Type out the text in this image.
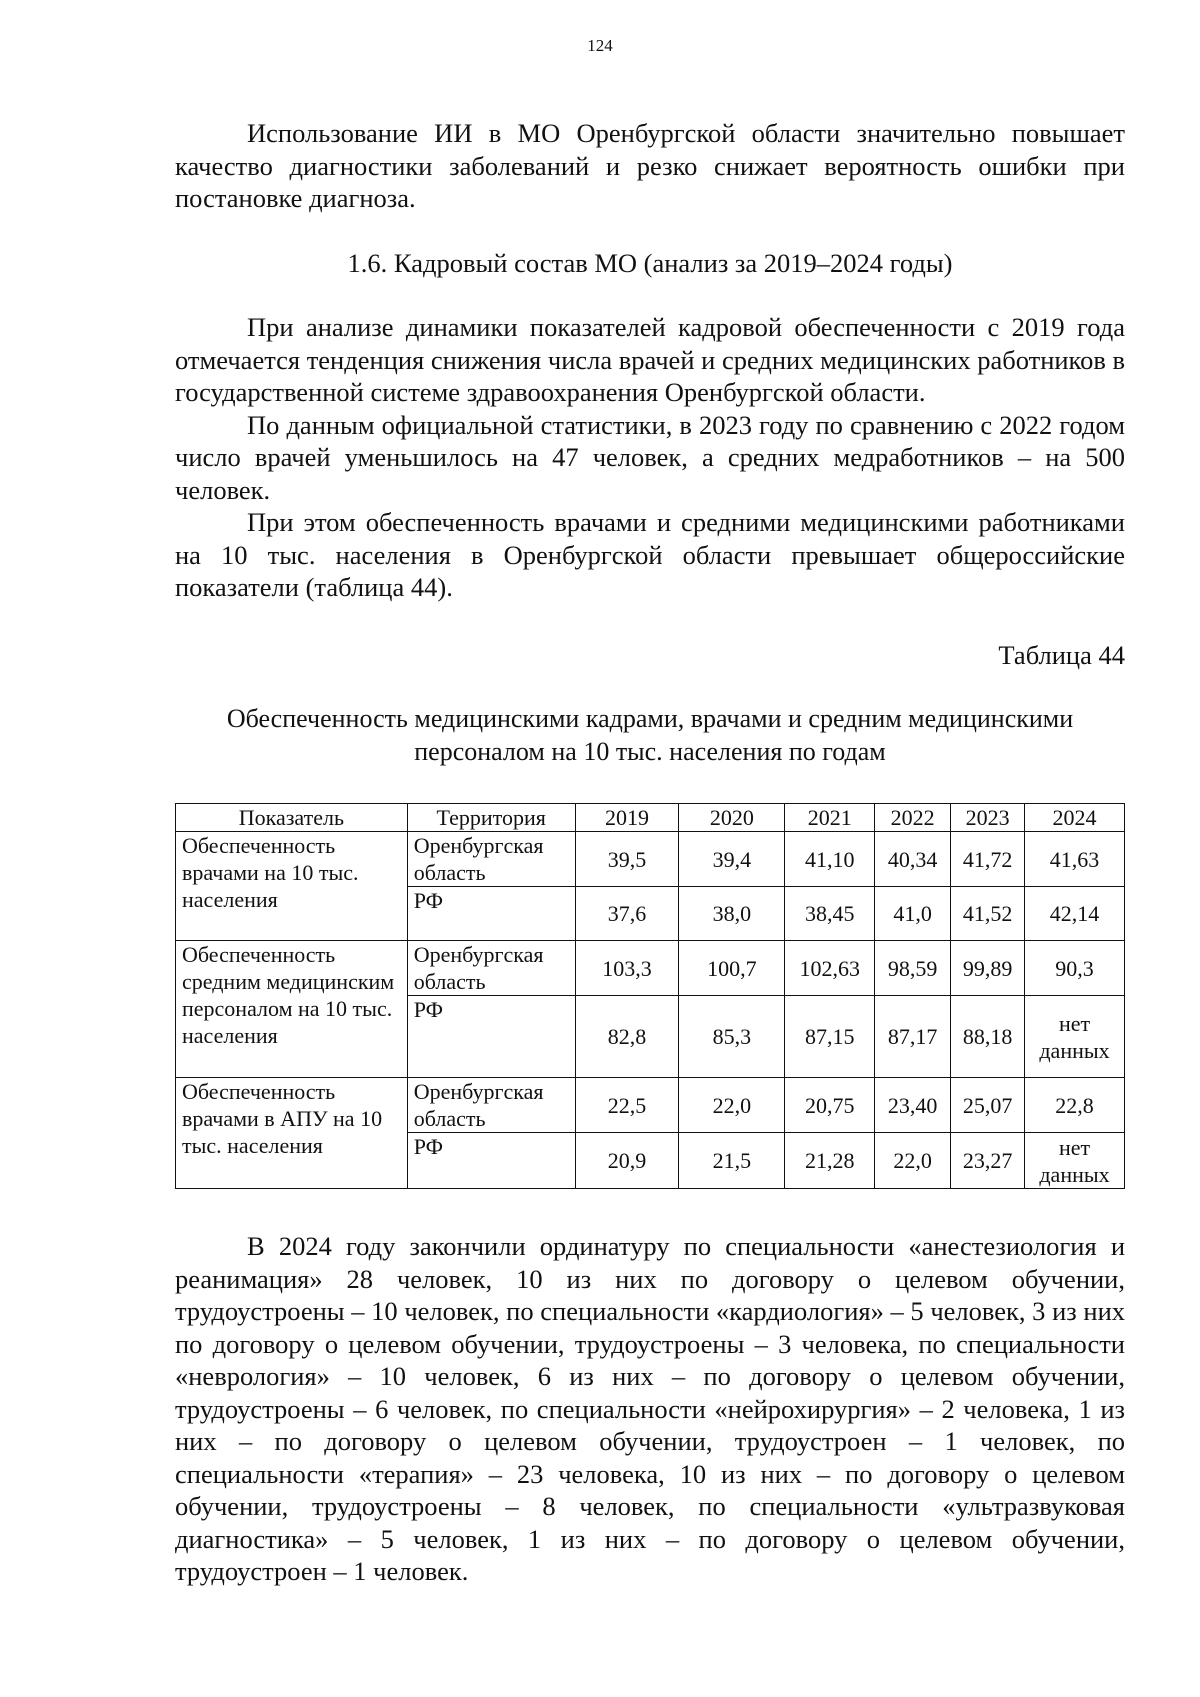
124

Использование ИИ в МО Оренбургской области значительно повышает качество диагностики заболеваний и резко снижает вероятность ошибки при постановке диагноза.

1.6. Кадровый состав МО (анализ за 2019–2024 годы)

При анализе динамики показателей кадровой обеспеченности с 2019 года отмечается тенденция снижения числа врачей и средних медицинских работников в государственной системе здравоохранения Оренбургской области.

По данным официальной статистики, в 2023 году по сравнению с 2022 годом число врачей уменьшилось на 47 человек, а средних медработников – на 500 человек.

При этом обеспеченность врачами и средними медицинскими работниками на 10 тыс. населения в Оренбургской области превышает общероссийские показатели (таблица 44).

Таблица 44
Обеспеченность медицинскими кадрами, врачами и средним медицинскими
персоналом на 10 тыс. населения по годам
Показатель	Территория	2019	2020	2021	2022	2023	2024
Обеспеченность врачами на 10 тыс. населения	Оренбургская область	39,5	39,4	41,10	40,34	41,72	41,63
	РФ	37,6	38,0	38,45	41,0	41,52	42,14
Обеспеченность средним медицинским персоналом на 10 тыс. населения	Оренбургская область	103,3	100,7	102,63	98,59	99,89	90,3
	РФ	82,8	85,3	87,15	87,17	88,18	нет данных
Обеспеченность врачами в АПУ на 10 тыс. населения	Оренбургская область	22,5	22,0	20,75	23,40	25,07	22,8
	РФ	20,9	21,5	21,28	22,0	23,27	нет данных

В 2024 году закончили ординатуру по специальности «анестезиология и реанимация» 28 человек, 10 из них по договору о целевом обучении, трудоустроены – 10 человек, по специальности «кардиология» – 5 человек, 3 из них по договору о целевом обучении, трудоустроены – 3 человека, по специальности «неврология» – 10 человек, 6 из них – по договору о целевом обучении, трудоустроены – 6 человек, по специальности «нейрохирургия» – 2 человека, 1 из них – по договору о целевом обучении, трудоустроен – 1 человек, по специальности «терапия» – 23 человека, 10 из них – по договору о целевом обучении, трудоустроены – 8 человек, по специальности «ультразвуковая диагностика» – 5 человек, 1 из них – по договору о целевом обучении, трудоустроен – 1 человек.
